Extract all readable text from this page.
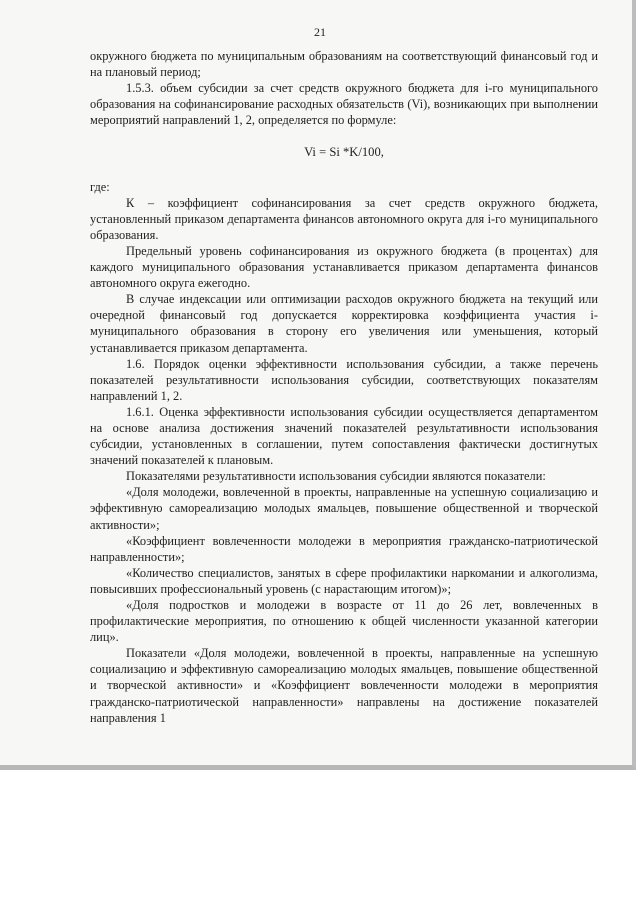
21

окружного бюджета по муниципальным образованиям на соответствующий финансовый год и на плановый период;

1.5.3. объем субсидии за счет средств окружного бюджета для i-го муниципального образования на софинансирование расходных обязательств (Vi), возникающих при выполнении мероприятий направлений 1, 2, определяется по формуле:

Vi = Si *K/100,

где:

К – коэффициент софинансирования за счет средств окружного бюджета, установленный приказом департамента финансов автономного округа для i-го муниципального образования.

Предельный уровень софинансирования из окружного бюджета (в процентах) для каждого муниципального образования устанавливается приказом департамента финансов автономного округа ежегодно.

В случае индексации или оптимизации расходов окружного бюджета на текущий или очередной финансовый год допускается корректировка коэффициента участия i-муниципального образования в сторону его увеличения или уменьшения, который устанавливается приказом департамента.

1.6. Порядок оценки эффективности использования субсидии, а также перечень показателей результативности использования субсидии, соответствующих показателям направлений 1, 2.

1.6.1. Оценка эффективности использования субсидии осуществляется департаментом на основе анализа достижения значений показателей результативности использования субсидии, установленных в соглашении, путем сопоставления фактически достигнутых значений показателей к плановым.

Показателями результативности использования субсидии являются показатели:

«Доля молодежи, вовлеченной в проекты, направленные на успешную социализацию и эффективную самореализацию молодых ямальцев, повышение общественной и творческой активности»;

«Коэффициент вовлеченности молодежи в мероприятия гражданско-патриотической направленности»;

«Количество специалистов, занятых в сфере профилактики наркомании и алкоголизма, повысивших профессиональный уровень (с нарастающим итогом)»;

«Доля подростков и молодежи в возрасте от 11 до 26 лет, вовлеченных в профилактические мероприятия, по отношению к общей численности указанной категории лиц».

Показатели «Доля молодежи, вовлеченной в проекты, направленные на успешную социализацию и эффективную самореализацию молодых ямальцев, повышение общественной и творческой активности» и «Коэффициент вовлеченности молодежи в мероприятия гражданско-патриотической направленности» направлены на достижение показателей направления 1
